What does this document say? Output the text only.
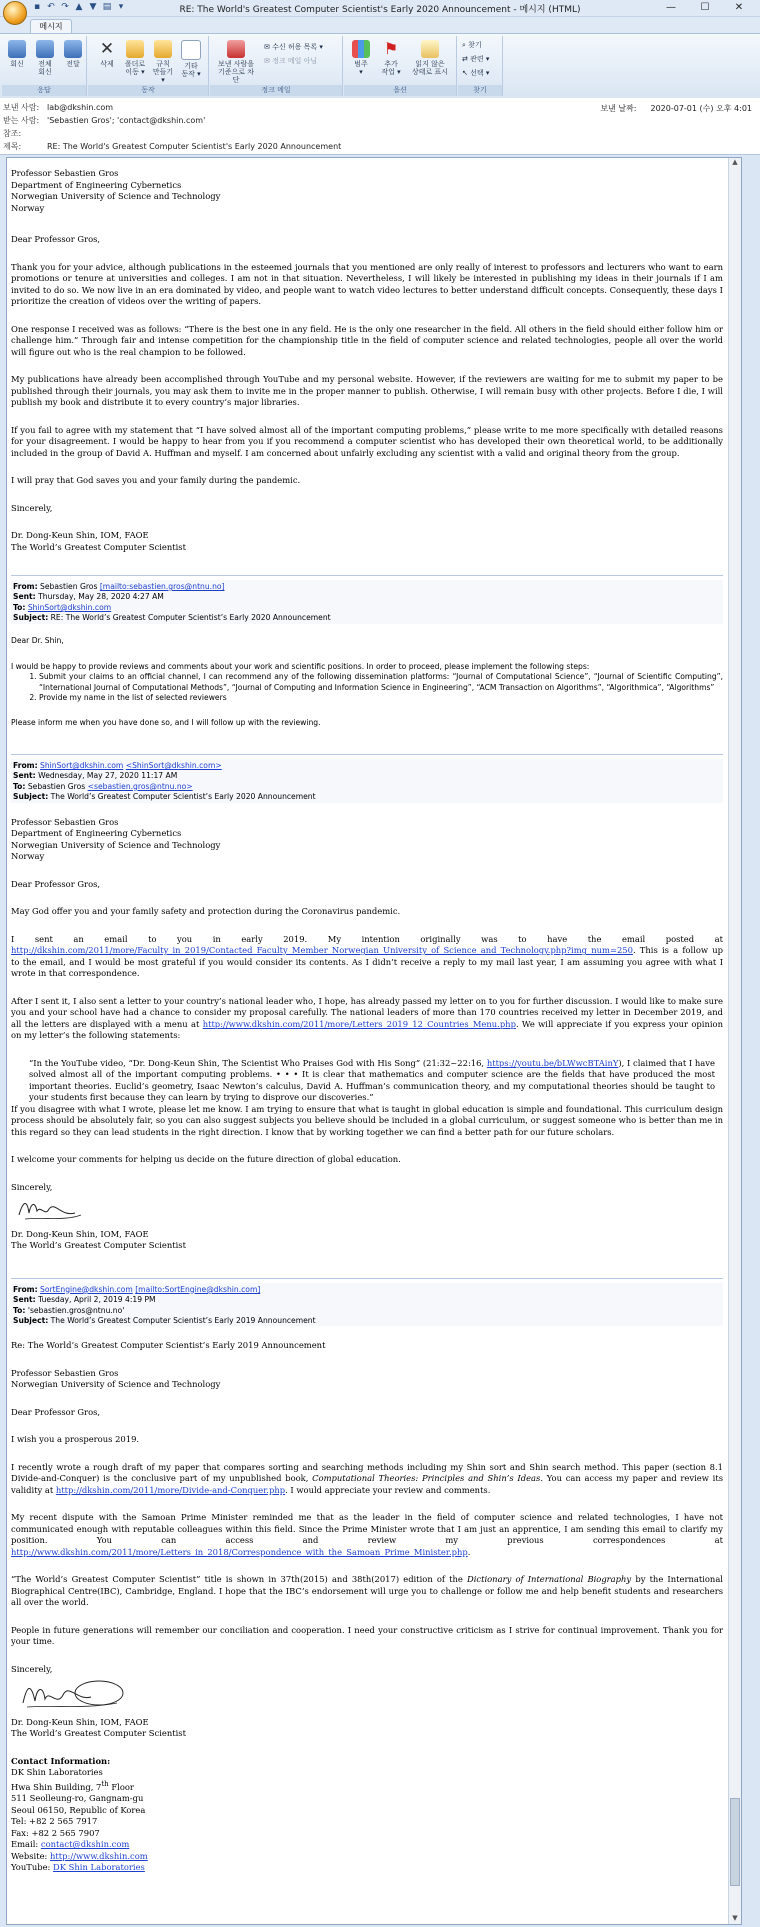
▪ ↶ ↷ ▲ ▼ ▤ ▾	RE: The World's Greatest Computer Scientist's Early 2020 Announcement - 메시지 (HTML)	—	☐	✕
메시지
회신	전체
회신
전달
응답
✕
삭제	폴더로
이동 ▾
규칙
만들기 ▾
기타
동작 ▾
동작
보낸 사람을
기준으로 차단
✉ 수신 허용 목록 ▾
✉ 정크 메일 아님
정크 메일
범주
▾
⚑
추가
작업 ▾
읽지 않은
상태로 표시
옵션
⌕ 찾기
⇄ 관련 ▾
↖ 선택 ▾
찾기
보낸 사람: lab@dkshin.com
받는 사람: 'Sebastien Gros'; 'contact@dkshin.com'
참조:
제목:	RE: The World's Greatest Computer Scientist's Early 2020 Announcement
보낸 날짜: 2020-07-01 (수) 오후 4:01
▲
▼

Professor Sebastien Gros

Department of Engineering Cybernetics

Norwegian University of Science and Technology

Norway

Dear Professor Gros,

Thank you for your advice, although publications in the esteemed journals that you mentioned are only really of interest to professors and lecturers who want to earn promotions or tenure at universities and colleges. I am not in that situation. Nevertheless, I will likely be interested in publishing my ideas in their journals if I am invited to do so. We now live in an era dominated by video, and people want to watch video lectures to better understand difficult concepts. Consequently, these days I prioritize the creation of videos over the writing of papers.

One response I received was as follows: “There is the best one in any field. He is the only one researcher in the field. All others in the field should either follow him or challenge him.” Through fair and intense competition for the championship title in the field of computer science and related technologies, people all over the world will figure out who is the real champion to be followed.

My publications have already been accomplished through YouTube and my personal website. However, if the reviewers are waiting for me to submit my paper to be published through their journals, you may ask them to invite me in the proper manner to publish. Otherwise, I will remain busy with other projects. Before I die, I will publish my book and distribute it to every country’s major libraries.

If you fail to agree with my statement that “I have solved almost all of the important computing problems,” please write to me more specifically with detailed reasons for your disagreement. I would be happy to hear from you if you recommend a computer scientist who has developed their own theoretical world, to be additionally included in the group of David A. Huffman and myself. I am concerned about unfairly excluding any scientist with a valid and original theory from the group.

I will pray that God saves you and your family during the pandemic.

Sincerely,

Dr. Dong-Keun Shin, IOM, FAOE

The World’s Greatest Computer Scientist

From: Sebastien Gros [mailto:sebastien.gros@ntnu.no]

Sent: Thursday, May 28, 2020 4:27 AM

To: ShinSort@dkshin.com

Subject: RE: The World’s Greatest Computer Scientist’s Early 2020 Announcement

Dear Dr. Shin,

I would be happy to provide reviews and comments about your work and scientific positions. In order to proceed, please implement the following steps:

1. Submit your claims to an official channel, I can recommend any of the following dissemination platforms: “Journal of Computational Science”, “Journal of Scientific Computing”, “International Journal of Computational Methods”, “Journal of Computing and Information Science in Engineering”, “ACM Transaction on Algorithms”, “Algorithmica”, “Algorithms”
2. Provide my name in the list of selected reviewers

Please inform me when you have done so, and I will follow up with the reviewing.

From: ShinSort@dkshin.com <ShinSort@dkshin.com>

Sent: Wednesday, May 27, 2020 11:17 AM

To: Sebastien Gros <sebastien.gros@ntnu.no>

Subject: The World’s Greatest Computer Scientist’s Early 2020 Announcement

Professor Sebastien Gros

Department of Engineering Cybernetics

Norwegian University of Science and Technology

Norway

Dear Professor Gros,

May God offer you and your family safety and protection during the Coronavirus pandemic.

I sent an email to you in early 2019. My intention originally was to have the email posted at http://dkshin.com/2011/more/Faculty_in_2019/Contacted_Faculty_Member_Norwegian_University_of_Science_and_Technology.php?img_num=250. This is a follow up to the email, and I would be most grateful if you would consider its contents. As I didn’t receive a reply to my mail last year, I am assuming you agree with what I wrote in that correspondence.

After I sent it, I also sent a letter to your country’s national leader who, I hope, has already passed my letter on to you for further discussion. I would like to make sure you and your school have had a chance to consider my proposal carefully. The national leaders of more than 170 countries received my letter in December 2019, and all the letters are displayed with a menu at http://www.dkshin.com/2011/more/Letters_2019_12_Countries_Menu.php. We will appreciate if you express your opinion on my letter’s the following statements:

“In the YouTube video, “Dr. Dong-Keun Shin, The Scientist Who Praises God with His Song” (21:32~22:16, https://youtu.be/bLWwcBTAinY), I claimed that I have solved almost all of the important computing problems. • • • It is clear that mathematics and computer science are the fields that have produced the most important theories. Euclid’s geometry, Isaac Newton’s calculus, David A. Huffman’s communication theory, and my computational theories should be taught to your students first because they can learn by trying to disprove our discoveries.”

If you disagree with what I wrote, please let me know. I am trying to ensure that what is taught in global education is simple and foundational. This curriculum design process should be absolutely fair, so you can also suggest subjects you believe should be included in a global curriculum, or suggest someone who is better than me in this regard so they can lead students in the right direction. I know that by working together we can find a better path for our future scholars.

I welcome your comments for helping us decide on the future direction of global education.

Sincerely,

Dr. Dong-Keun Shin, IOM, FAOE

The World’s Greatest Computer Scientist

From: SortEngine@dkshin.com [mailto:SortEngine@dkshin.com]

Sent: Tuesday, April 2, 2019 4:19 PM

To: 'sebastien.gros@ntnu.no'

Subject: The World’s Greatest Computer Scientist’s Early 2019 Announcement

Re: The World’s Greatest Computer Scientist’s Early 2019 Announcement

Professor Sebastien Gros

Norwegian University of Science and Technology

Dear Professor Gros,

I wish you a prosperous 2019.

I recently wrote a rough draft of my paper that compares sorting and searching methods including my Shin sort and Shin search method. This paper (section 8.1 Divide-and-Conquer) is the conclusive part of my unpublished book, Computational Theories: Principles and Shin’s Ideas. You can access my paper and review its validity at http://dkshin.com/2011/more/Divide-and-Conquer.php. I would appreciate your review and comments.

My recent dispute with the Samoan Prime Minister reminded me that as the leader in the field of computer science and related technologies, I have not communicated enough with reputable colleagues within this field. Since the Prime Minister wrote that I am just an apprentice, I am sending this email to clarify my position. You can access and review my previous correspondences at http://www.dkshin.com/2011/more/Letters_in_2018/Correspondence_with_the_Samoan_Prime_Minister.php.

“The World’s Greatest Computer Scientist” title is shown in 37th(2015) and 38th(2017) edition of the Dictionary of International Biography by the International Biographical Centre(IBC), Cambridge, England. I hope that the IBC’s endorsement will urge you to challenge or follow me and help benefit students and researchers all over the world.

People in future generations will remember our conciliation and cooperation. I need your constructive criticism as I strive for continual improvement. Thank you for your time.

Sincerely,

Dr. Dong-Keun Shin, IOM, FAOE

The World’s Greatest Computer Scientist

Contact Information:

DK Shin Laboratories

Hwa Shin Building, 7th Floor

511 Seolleung-ro, Gangnam-gu

Seoul 06150, Republic of Korea

Tel: +82 2 565 7917

Fax: +82 2 565 7907

Email: contact@dkshin.com

Website: http://www.dkshin.com

YouTube: DK Shin Laboratories
